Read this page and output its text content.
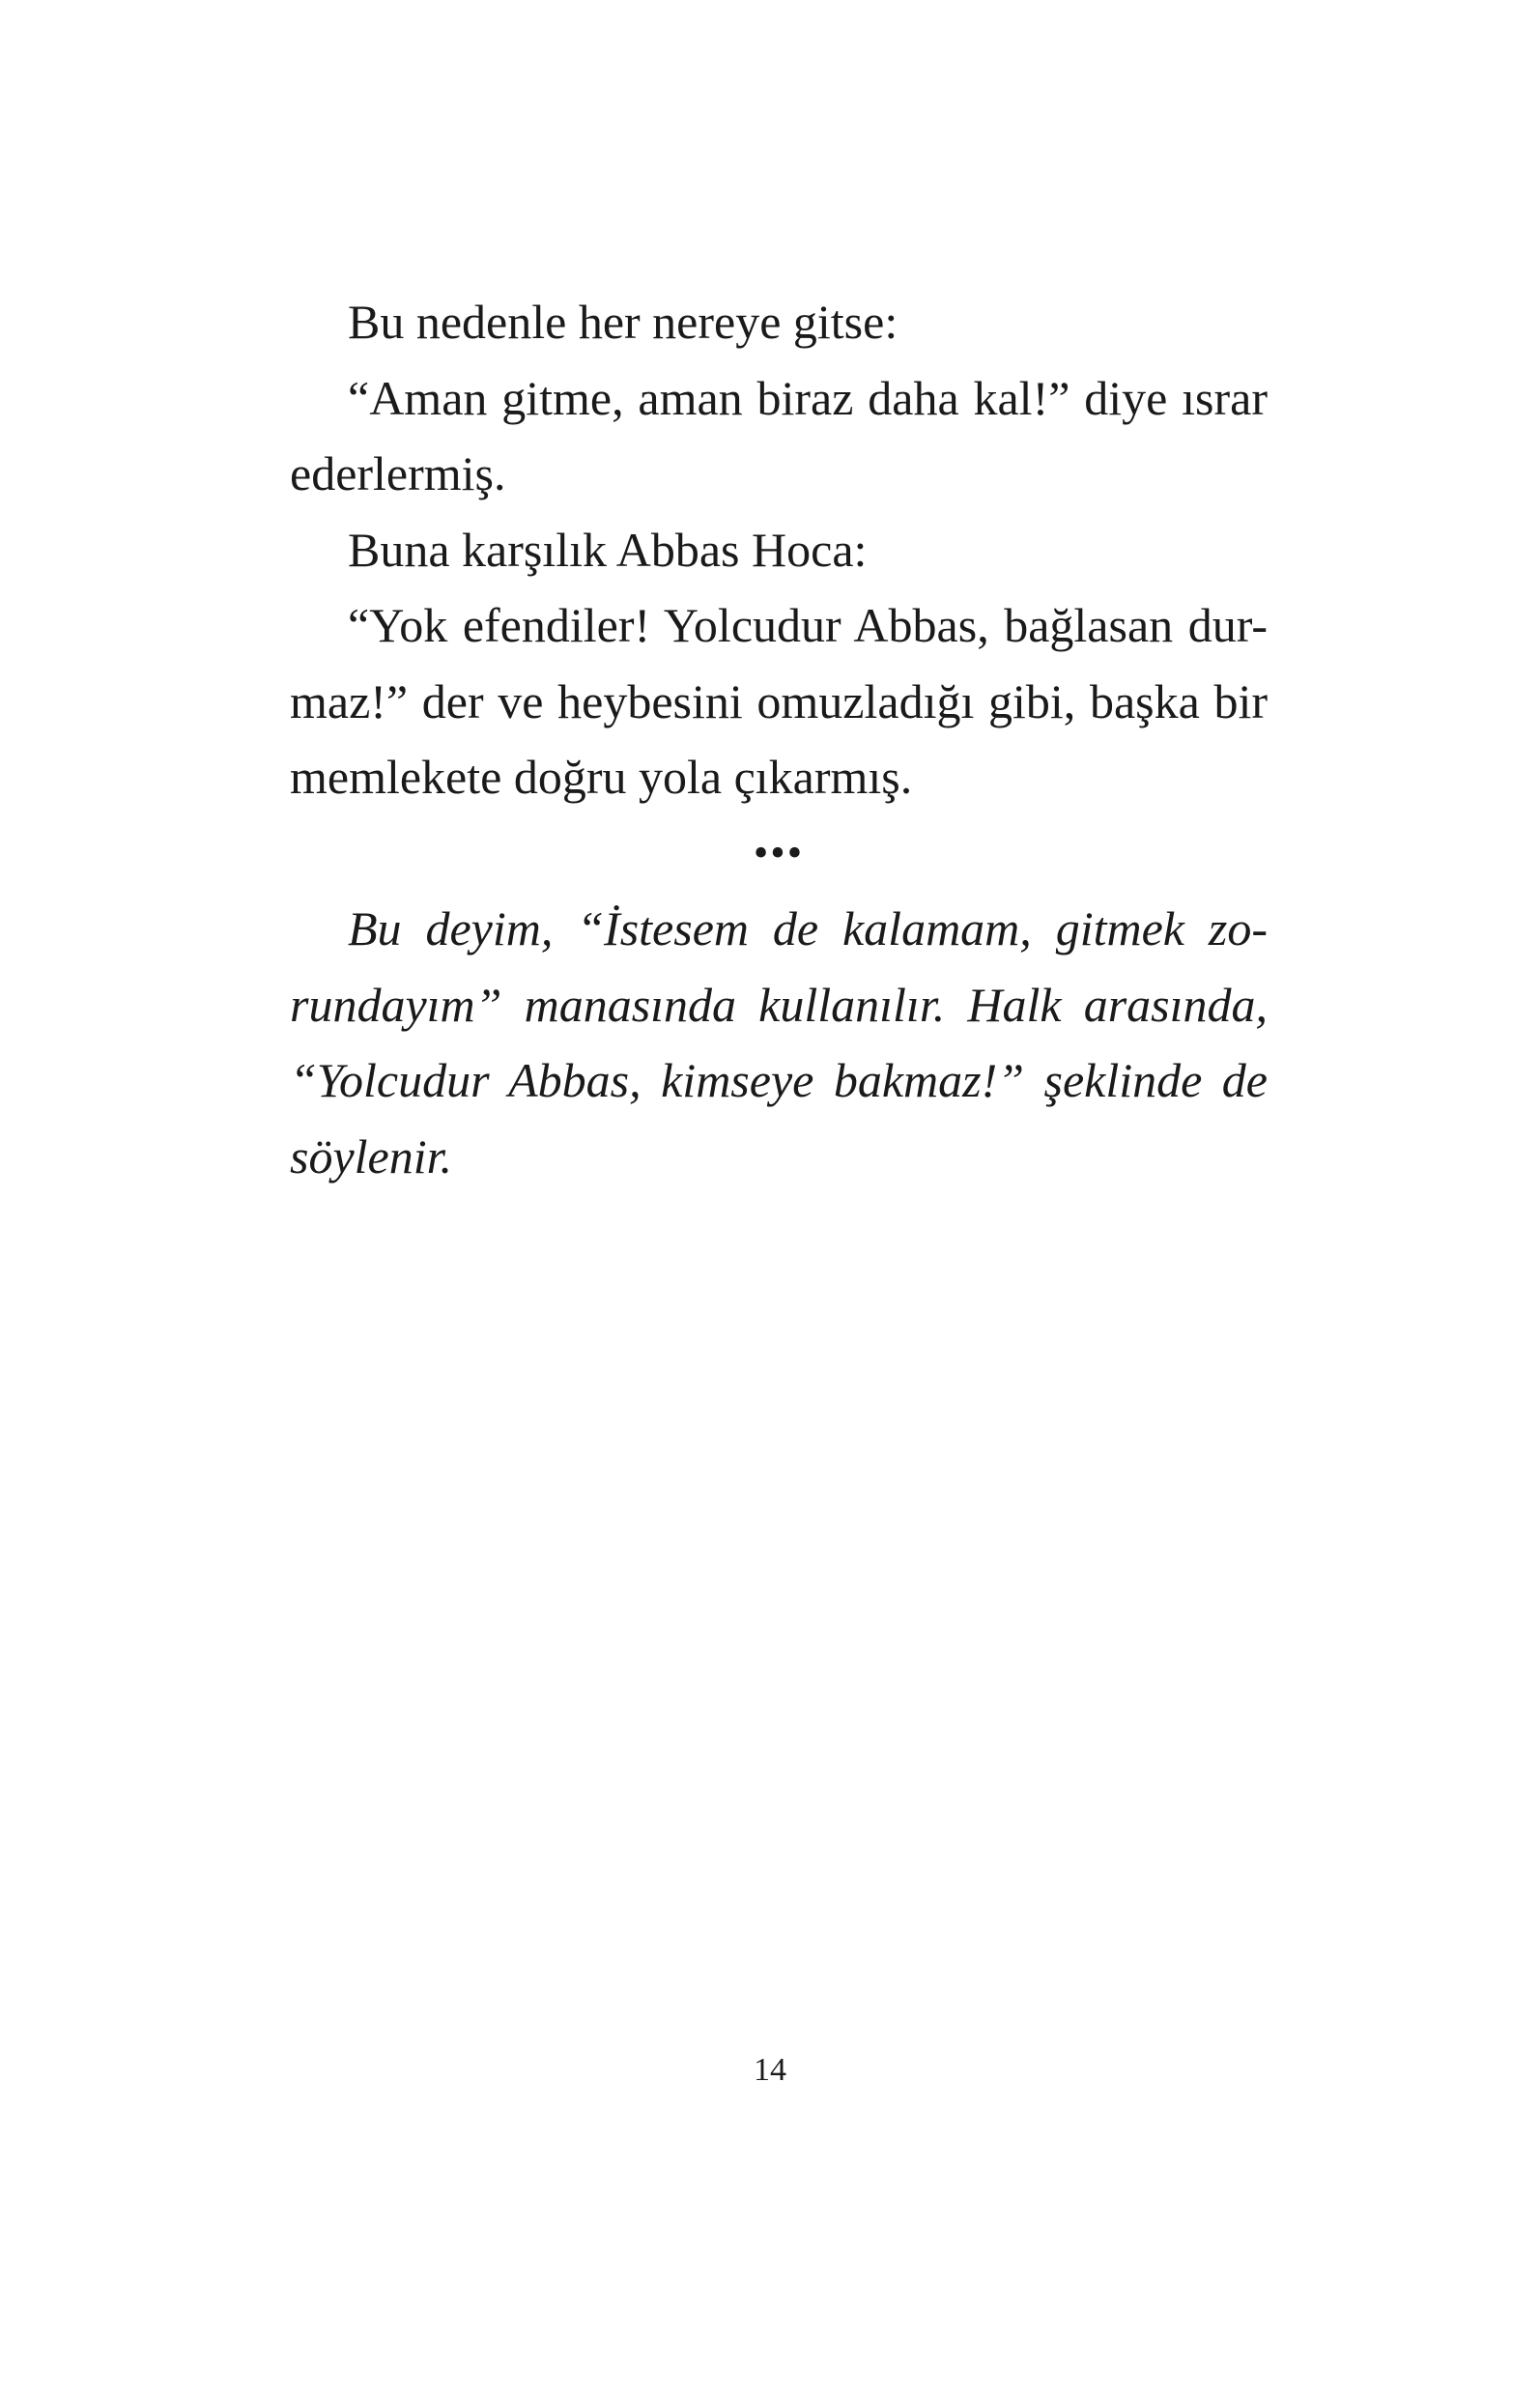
Bu nedenle her nereye gitse:
“Aman gitme, aman biraz daha kal!” diye ısrar
ederlermiş.
Buna karşılık Abbas Hoca:
“Yok efendiler! Yolcudur Abbas, bağlasan dur-
maz!” der ve heybesini omuzladığı gibi, başka bir
memlekete doğru yola çıkarmış.
•••
Bu deyim, “İstesem de kalamam, gitmek zo-
rundayım” manasında kullanılır. Halk arasında,
“Yolcudur Abbas, kimseye bakmaz!” şeklinde de
söylenir.
14
